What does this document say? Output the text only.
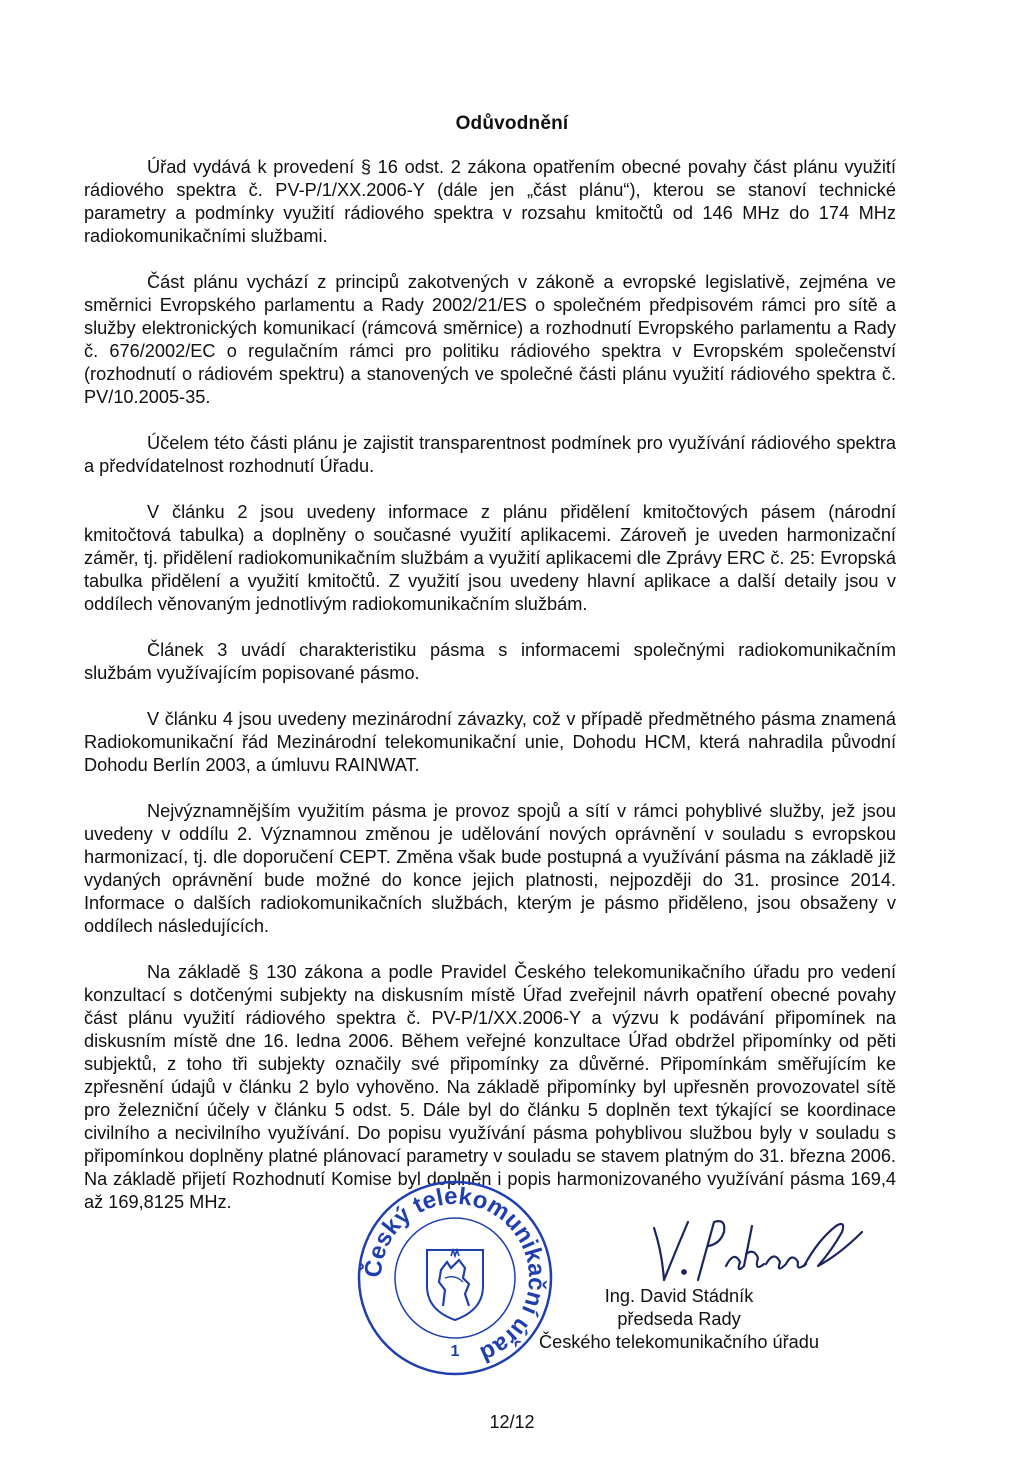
Odůvodnění

Úřad vydává k provedení § 16 odst. 2 zákona opatřením obecné povahy část plánu využití rádiového spektra č. PV-P/1/XX.2006-Y (dále jen „část plánu“), kterou se stanoví technické parametry a podmínky využití rádiového spektra v rozsahu kmitočtů od 146 MHz do 174 MHz radiokomunikačními službami.

Část plánu vychází z principů zakotvených v zákoně a evropské legislativě, zejména ve směrnici Evropského parlamentu a Rady 2002/21/ES o společném předpisovém rámci pro sítě a služby elektronických komunikací (rámcová směrnice) a rozhodnutí Evropského parlamentu a Rady č. 676/2002/EC o regulačním rámci pro politiku rádiového spektra v Evropském společenství (rozhodnutí o rádiovém spektru) a stanovených ve společné části plánu využití rádiového spektra č. PV/10.2005-35.

Účelem této části plánu je zajistit transparentnost podmínek pro využívání rádiového spektra a předvídatelnost rozhodnutí Úřadu.

V článku 2 jsou uvedeny informace z plánu přidělení kmitočtových pásem (národní kmitočtová tabulka) a doplněny o současné využití aplikacemi. Zároveň je uveden harmonizační záměr, tj. přidělení radiokomunikačním službám a využití aplikacemi dle Zprávy ERC č. 25: Evropská tabulka přidělení a využití kmitočtů. Z využití jsou uvedeny hlavní aplikace a další detaily jsou v oddílech věnovaným jednotlivým radiokomunikačním službám.

Článek 3 uvádí charakteristiku pásma s informacemi společnými radiokomunikačním službám využívajícím popisované pásmo.

V článku 4 jsou uvedeny mezinárodní závazky, což v případě předmětného pásma znamená Radiokomunikační řád Mezinárodní telekomunikační unie, Dohodu HCM, která nahradila původní Dohodu Berlín 2003, a úmluvu RAINWAT.

Nejvýznamnějším využitím pásma je provoz spojů a sítí v rámci pohyblivé služby, jež jsou uvedeny v oddílu 2. Významnou změnou je udělování nových oprávnění v souladu s evropskou harmonizací, tj. dle doporučení CEPT. Změna však bude postupná a využívání pásma na základě již vydaných oprávnění bude možné do konce jejich platnosti, nejpozději do 31. prosince 2014. Informace o dalších radiokomunikačních službách, kterým je pásmo přiděleno, jsou obsaženy v oddílech následujících.

Na základě § 130 zákona a podle Pravidel Českého telekomunikačního úřadu pro vedení konzultací s dotčenými subjekty na diskusním místě Úřad zveřejnil návrh opatření obecné povahy část plánu využití rádiového spektra č. PV-P/1/XX.2006-Y a výzvu k podávání připomínek na diskusním místě dne 16. ledna 2006. Během veřejné konzultace Úřad obdržel připomínky od pěti subjektů, z toho tři subjekty označily své připomínky za důvěrné. Připomínkám směřujícím ke zpřesnění údajů v článku 2 bylo vyhověno. Na základě připomínky byl upřesněn provozovatel sítě pro železniční účely v článku 5 odst. 5. Dále byl do článku 5 doplněn text týkající se koordinace civilního a necivilního využívání. Do popisu využívání pásma pohyblivou službou byly v souladu s připomínkou doplněny platné plánovací parametry v souladu se stavem platným do 31. března 2006. Na základě přijetí Rozhodnutí Komise byl doplněn i popis harmonizovaného využívání pásma 169,4 až 169,8125 MHz.

Český telekomunikační úřad
1
Ing. David Stádník
předseda Rady
Českého telekomunikačního úřadu
12/12
